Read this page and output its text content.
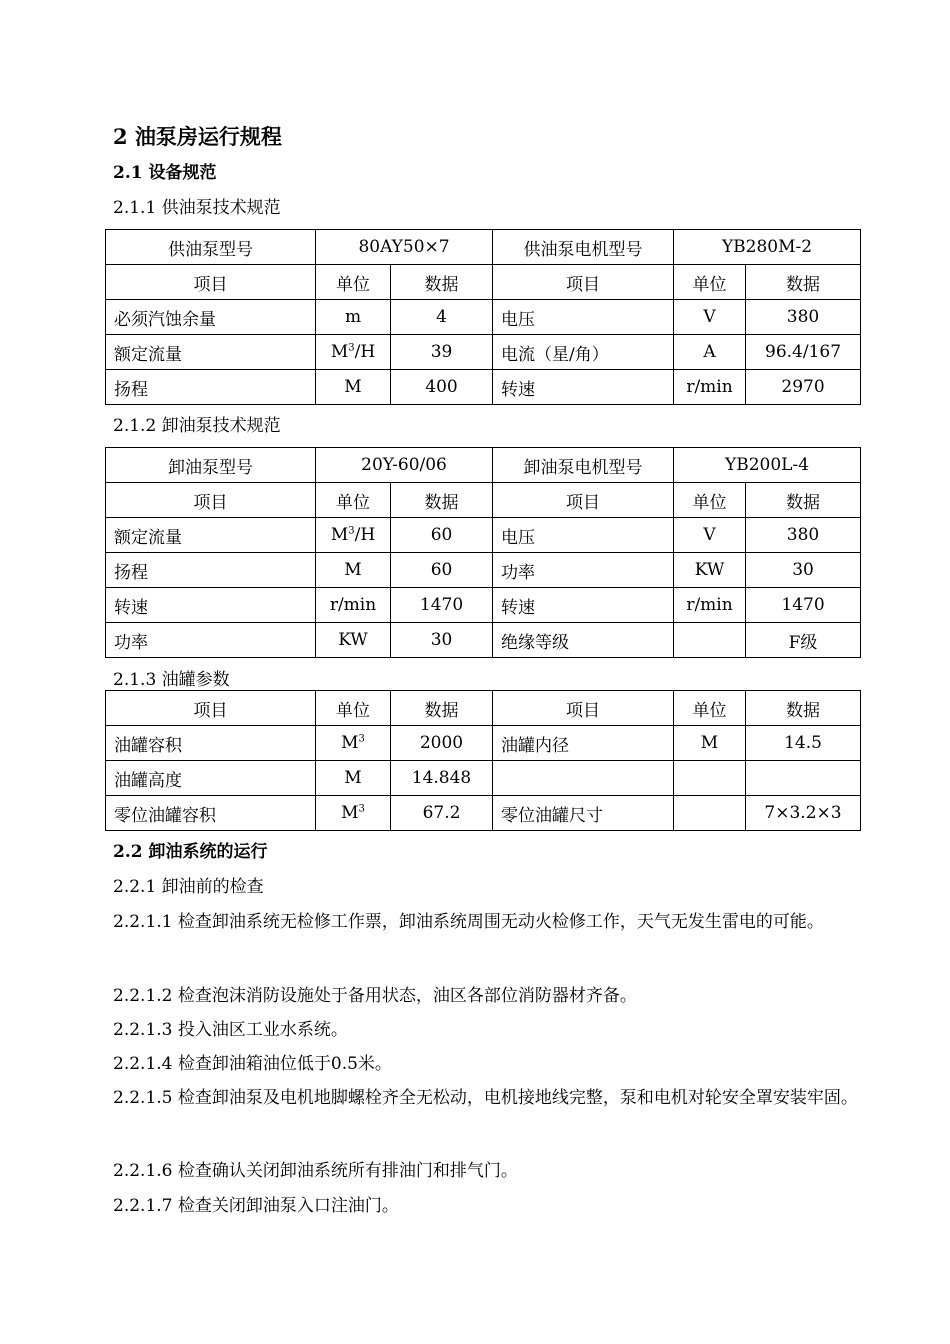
2 油泵房运行规程
2.1 设备规范
2.1.1 供油泵技术规范
供油泵型号	80AY50×7		供油泵电机型号	YB280M-2	
项目	单位	数据	项目	单位	数据
必须汽蚀余量	m	4	电压	V	380
额定流量	$M^3/H$	39	电流（星/角）	A	96.4/167
扬程	M	400	转速	r/min	2970
2.1.2 卸油泵技术规范
卸油泵型号	20Y-60/06		卸油泵电机型号	YB200L-4	
项目	单位	数据	项目	单位	数据
额定流量	$M^3/H$	60	电压	V	380
扬程	M	60	功率	KW	30
转速	r/min	1470	转速	r/min	1470
功率	KW	30	绝缘等级		F级
2.1.3 油罐参数
项目	单位	数据	项目	单位	数据
油罐容积	$M^3$	2000	油罐内径	M	14.5
油罐高度	M	14.848			
零位油罐容积	$M^3$	67.2	零位油罐尺寸		7×3.2×3
2.2 卸油系统的运行
2.2.1 卸油前的检查
2.2.1.1 检查卸油系统无检修工作票，卸油系统周围无动火检修工作，天气无发生雷电的可能。
2.2.1.2 检查泡沫消防设施处于备用状态，油区各部位消防器材齐备。
2.2.1.3 投入油区工业水系统。
2.2.1.4 检查卸油箱油位低于0.5米。
2.2.1.5 检查卸油泵及电机地脚螺栓齐全无松动，电机接地线完整，泵和电机对轮安全罩安装牢固。
2.2.1.6 检查确认关闭卸油系统所有排油门和排气门。
2.2.1.7 检查关闭卸油泵入口注油门。
